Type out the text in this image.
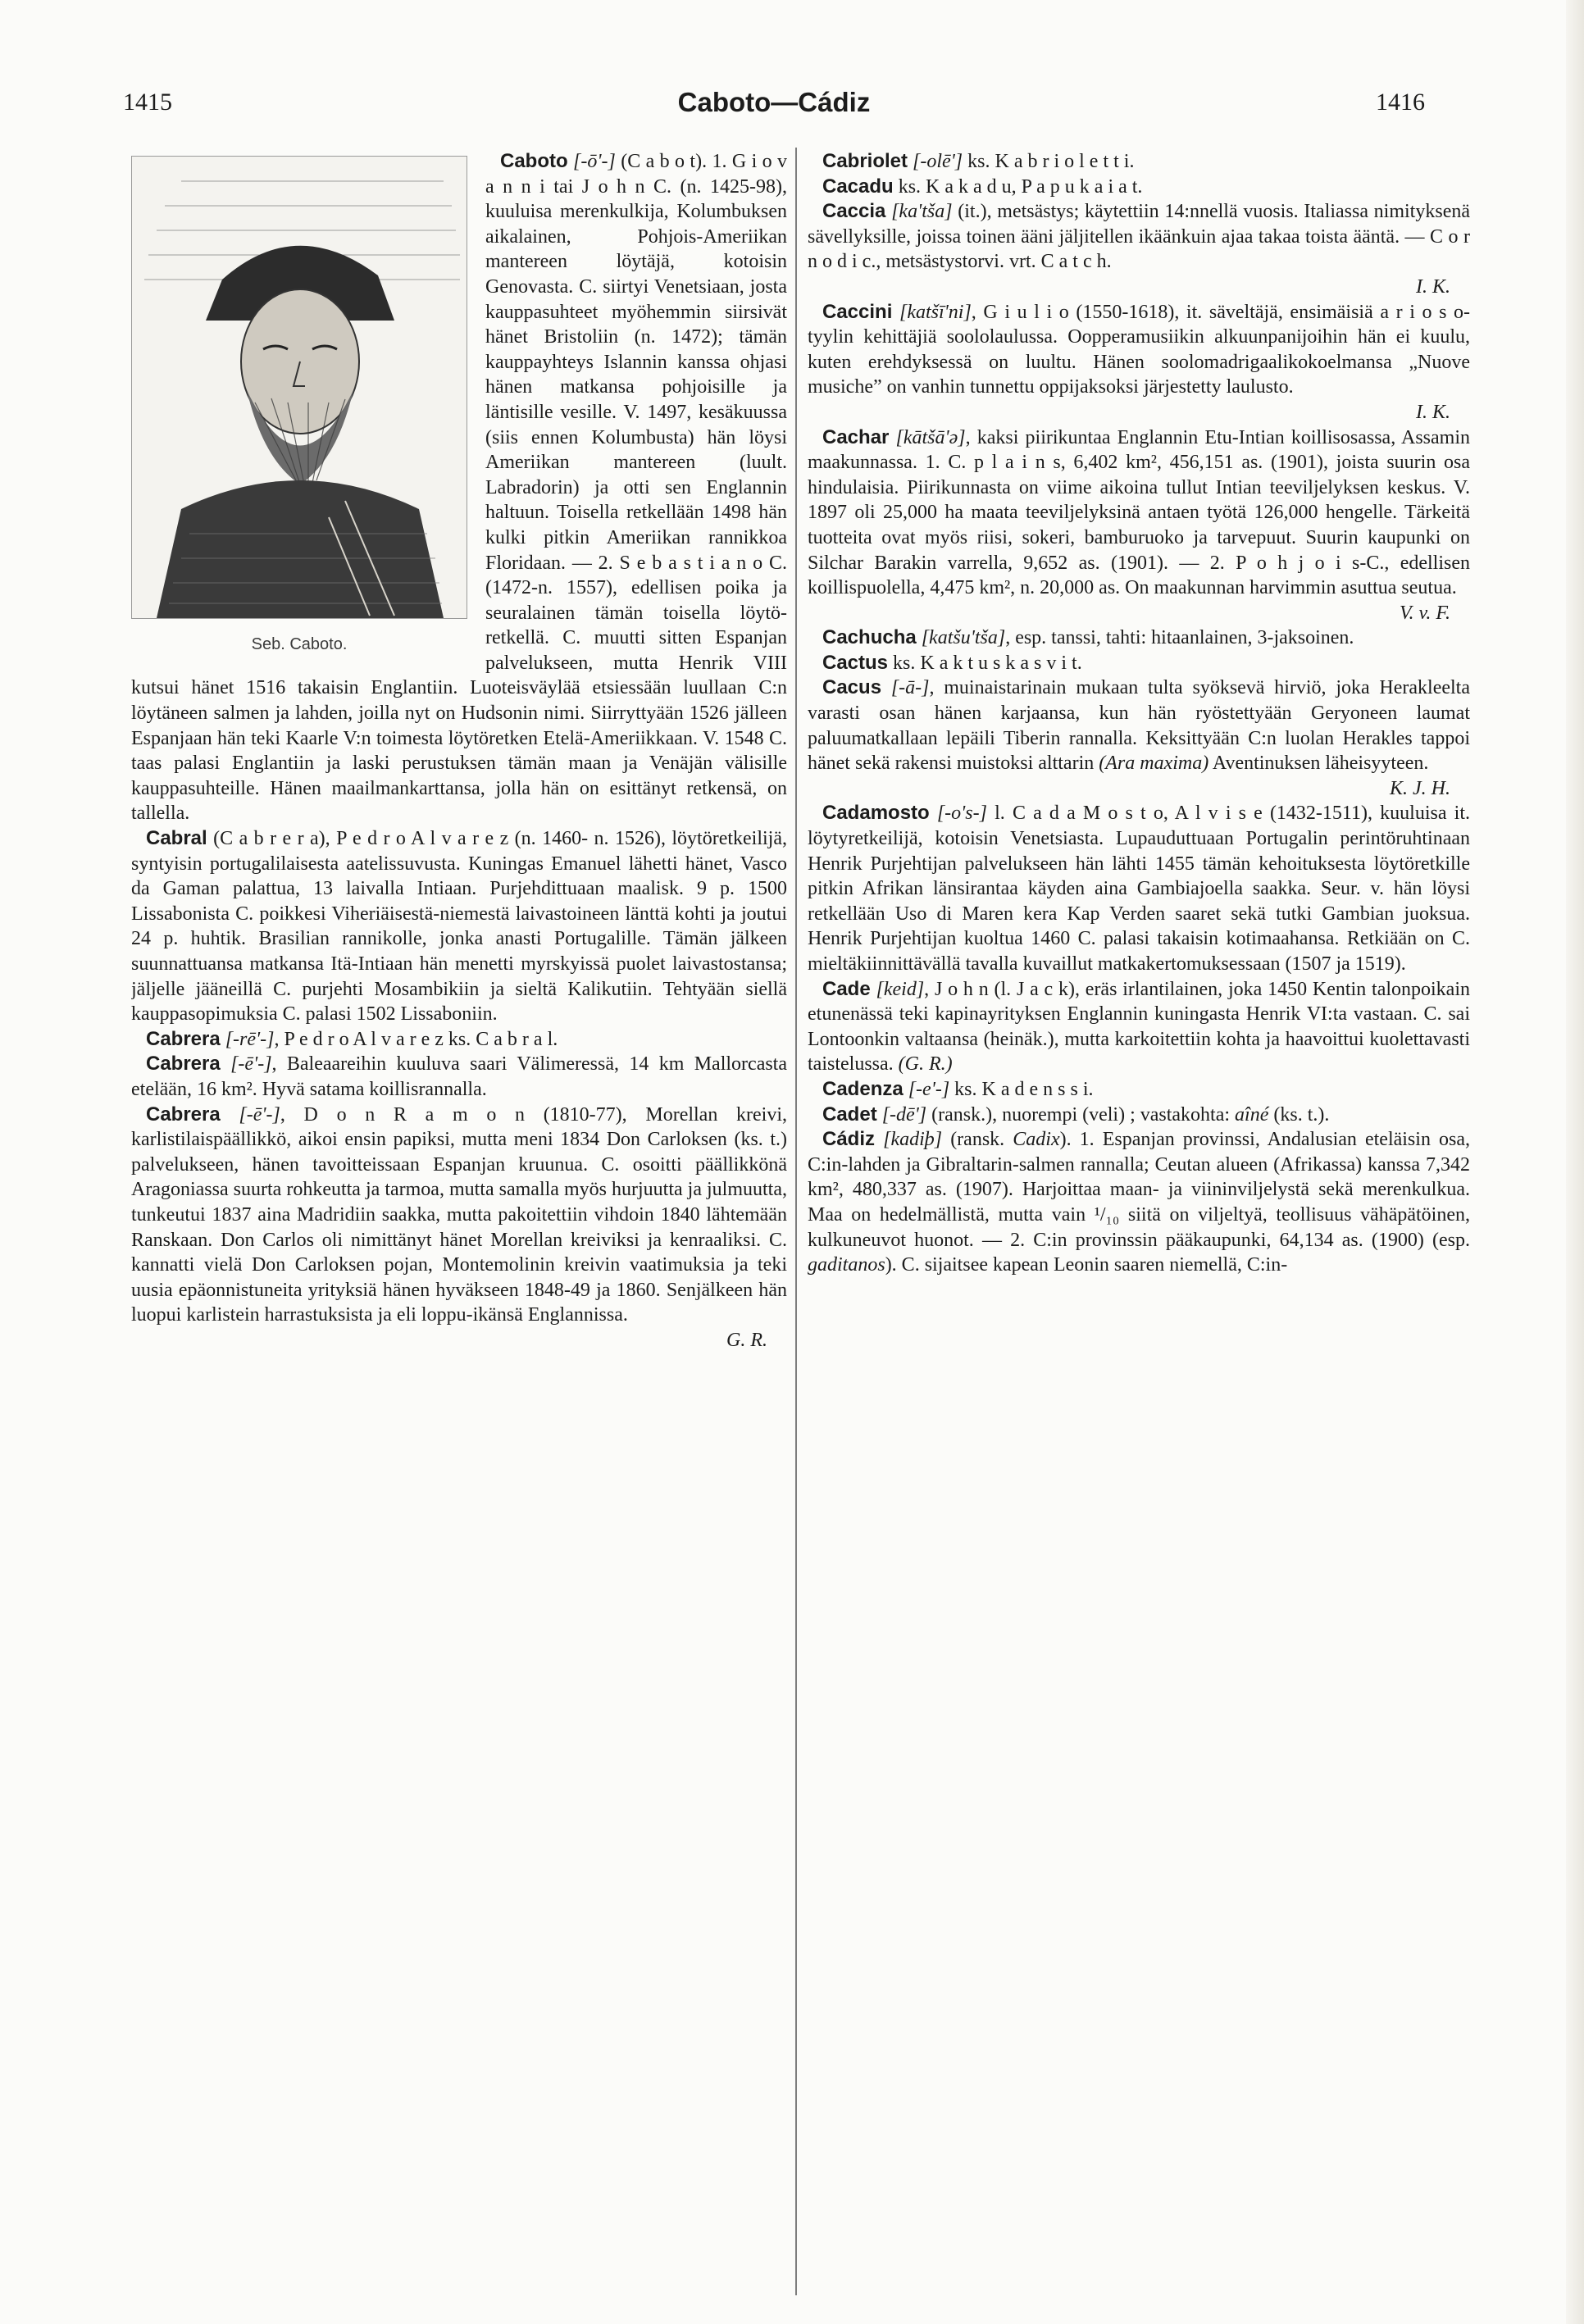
1415	Caboto—Cádiz	1416
Seb. Caboto.

Caboto [-ō'-] (C a b o t). 1. G i o v a n n i tai J o h n C. (n. 1425-98), kuuluisa merenkulkija, Kolumbuksen aikalainen, Pohjois-Ameriikan mantereen löytäjä, kotoisin Genovasta. C. siirtyi Venetsiaan, josta kauppasuhteet myöhemmin siirsivät hänet Bristoliin (n. 1472); tämän kauppayhteys Islannin kanssa ohjasi hänen matkansa pohjoisille ja läntisille vesille. V. 1497, kesäkuussa (siis ennen Kolumbusta) hän löysi Ameriikan mantereen (luult. Labradorin) ja otti sen Englannin haltuun. Toisella retkellään 1498 hän kulki pitkin Ameriikan rannikkoa Floridaan. — 2. S e b a s t i a n o C. (1472-n. 1557), edellisen poika ja seuralainen tämän toisella löytö-retkellä. C. muutti sitten Espanjan palvelukseen, mutta Henrik VIII kutsui hänet 1516 takaisin Englantiin. Luoteisväylää etsiessään luullaan C:n löytäneen salmen ja lahden, joilla nyt on Hudsonin nimi. Siirryttyään 1526 jälleen Espanjaan hän teki Kaarle V:n toimesta löytöretken Etelä-Ameriikkaan. V. 1548 C. taas palasi Englantiin ja laski perustuksen tämän maan ja Venäjän välisille kauppasuhteille. Hänen maailmankarttansa, jolla hän on esittänyt retkensä, on tallella.

Cabral (C a b r e r a), P e d r o A l v a r e z (n. 1460- n. 1526), löytöretkeilijä, syntyisin portugalilaisesta aatelissuvusta. Kuningas Emanuel lähetti hänet, Vasco da Gaman palattua, 13 laivalla Intiaan. Purjehdittuaan maalisk. 9 p. 1500 Lissabonista C. poikkesi Viheriäisestä-niemestä laivastoineen länttä kohti ja joutui 24 p. huhtik. Brasilian rannikolle, jonka anasti Portugalille. Tämän jälkeen suunnattuansa matkansa Itä-Intiaan hän menetti myrskyissä puolet laivastostansa; jäljelle jääneillä C. purjehti Mosambikiin ja sieltä Kalikutiin. Tehtyään siellä kauppasopimuksia C. palasi 1502 Lissaboniin.

Cabrera [-rē'-], P e d r o A l v a r e z ks. C a b r a l.

Cabrera [-ē'-], Baleaareihin kuuluva saari Välimeressä, 14 km Mallorcasta etelään, 16 km². Hyvä satama koillisrannalla.

Cabrera [-ē'-], D o n R a m o n (1810-77), Morellan kreivi, karlistilaispäällikkö, aikoi ensin papiksi, mutta meni 1834 Don Carloksen (ks. t.) palvelukseen, hänen tavoitteissaan Espanjan kruunua. C. osoitti päällikkönä Aragoniassa suurta rohkeutta ja tarmoa, mutta samalla myös hurjuutta ja julmuutta, tunkeutui 1837 aina Madridiin saakka, mutta pakoitettiin vihdoin 1840 lähtemään Ranskaan. Don Carlos oli nimittänyt hänet Morellan kreiviksi ja kenraaliksi. C. kannatti vielä Don Carloksen pojan, Montemolinin kreivin vaatimuksia ja teki uusia epäonnistuneita yrityksiä hänen hyväkseen 1848-49 ja 1860. Senjälkeen hän luopui karlistein harrastuksista ja eli loppu-ikänsä Englannissa.

G. R.

Cabriolet [-olē'] ks. K a b r i o l e t t i.

Cacadu ks. K a k a d u, P a p u k a i a t.

Caccia [ka'tša] (it.), metsästys; käytettiin 14:nnellä vuosis. Italiassa nimityksenä sävellyksille, joissa toinen ääni jäljitellen ikäänkuin ajaa takaa toista ääntä. — C o r n o d i c., metsästystorvi. vrt. C a t c h.

I. K.

Caccini [katšī'ni], G i u l i o (1550-1618), it. säveltäjä, ensimäisiä a r i o s o-tyylin kehittäjiä soololaulussa. Oopperamusiikin alkuunpanijoihin hän ei kuulu, kuten erehdyksessä on luultu. Hänen soolomadrigaalikokoelmansa „Nuove musiche” on vanhin tunnettu oppijaksoksi järjestetty laulusto.

I. K.

Cachar [kātšā'ə], kaksi piirikuntaa Englannin Etu-Intian koillisosassa, Assamin maakunnassa. 1. C. p l a i n s, 6,402 km², 456,151 as. (1901), joista suurin osa hindulaisia. Piirikunnasta on viime aikoina tullut Intian teeviljelyksen keskus. V. 1897 oli 25,000 ha maata teeviljelyksinä antaen työtä 126,000 hengelle. Tärkeitä tuotteita ovat myös riisi, sokeri, bamburuoko ja tarvepuut. Suurin kaupunki on Silchar Barakin varrella, 9,652 as. (1901). — 2. P o h j o i s-C., edellisen koillispuolella, 4,475 km², n. 20,000 as. On maakunnan harvimmin asuttua seutua.

V. v. F.

Cachucha [katšu'tša], esp. tanssi, tahti: hitaanlainen, 3-jaksoinen.

Cactus ks. K a k t u s k a s v i t.

Cacus [-ā-], muinaistarinain mukaan tulta syöksevä hirviö, joka Herakleelta varasti osan hänen karjaansa, kun hän ryöstettyään Geryoneen laumat paluumatkallaan lepäili Tiberin rannalla. Keksittyään C:n luolan Herakles tappoi hänet sekä rakensi muistoksi alttarin (Ara maxima) Aventinuksen läheisyyteen.

K. J. H.

Cadamosto [-o's-] l. C a d a M o s t o, A l v i s e (1432-1511), kuuluisa it. löytyretkeilijä, kotoisin Venetsiasta. Lupauduttuaan Portugalin perintöruhtinaan Henrik Purjehtijan palvelukseen hän lähti 1455 tämän kehoituksesta löytöretkille pitkin Afrikan länsirantaa käyden aina Gambiajoella saakka. Seur. v. hän löysi retkellään Uso di Maren kera Kap Verden saaret sekä tutki Gambian juoksua. Henrik Purjehtijan kuoltua 1460 C. palasi takaisin kotimaahansa. Retkiään on C. mieltäkiinnittävällä tavalla kuvaillut matkakertomuksessaan (1507 ja 1519).

Cade [keid], J o h n (l. J a c k), eräs irlantilainen, joka 1450 Kentin talonpoikain etunenässä teki kapinayrityksen Englannin kuningasta Henrik VI:ta vastaan. C. sai Lontoonkin valtaansa (heinäk.), mutta karkoitettiin kohta ja haavoittui kuolettavasti taistelussa. (G. R.)

Cadenza [-e'-] ks. K a d e n s s i.

Cadet [-dē'] (ransk.), nuorempi (veli) ; vastakohta: aîné (ks. t.).

Cádiz [kadiþ] (ransk. Cadix). 1. Espanjan provinssi, Andalusian eteläisin osa, C:in-lahden ja Gibraltarin-salmen rannalla; Ceutan alueen (Afrikassa) kanssa 7,342 km², 480,337 as. (1907). Harjoittaa maan- ja viininviljelystä sekä merenkulkua. Maa on hedelmällistä, mutta vain ¹/₁₀ siitä on viljeltyä, teollisuus vähäpätöinen, kulkuneuvot huonot. — 2. C:in provinssin pääkaupunki, 64,134 as. (1900) (esp. gaditanos). C. sijaitsee kapean Leonin saaren niemellä, C:in-
